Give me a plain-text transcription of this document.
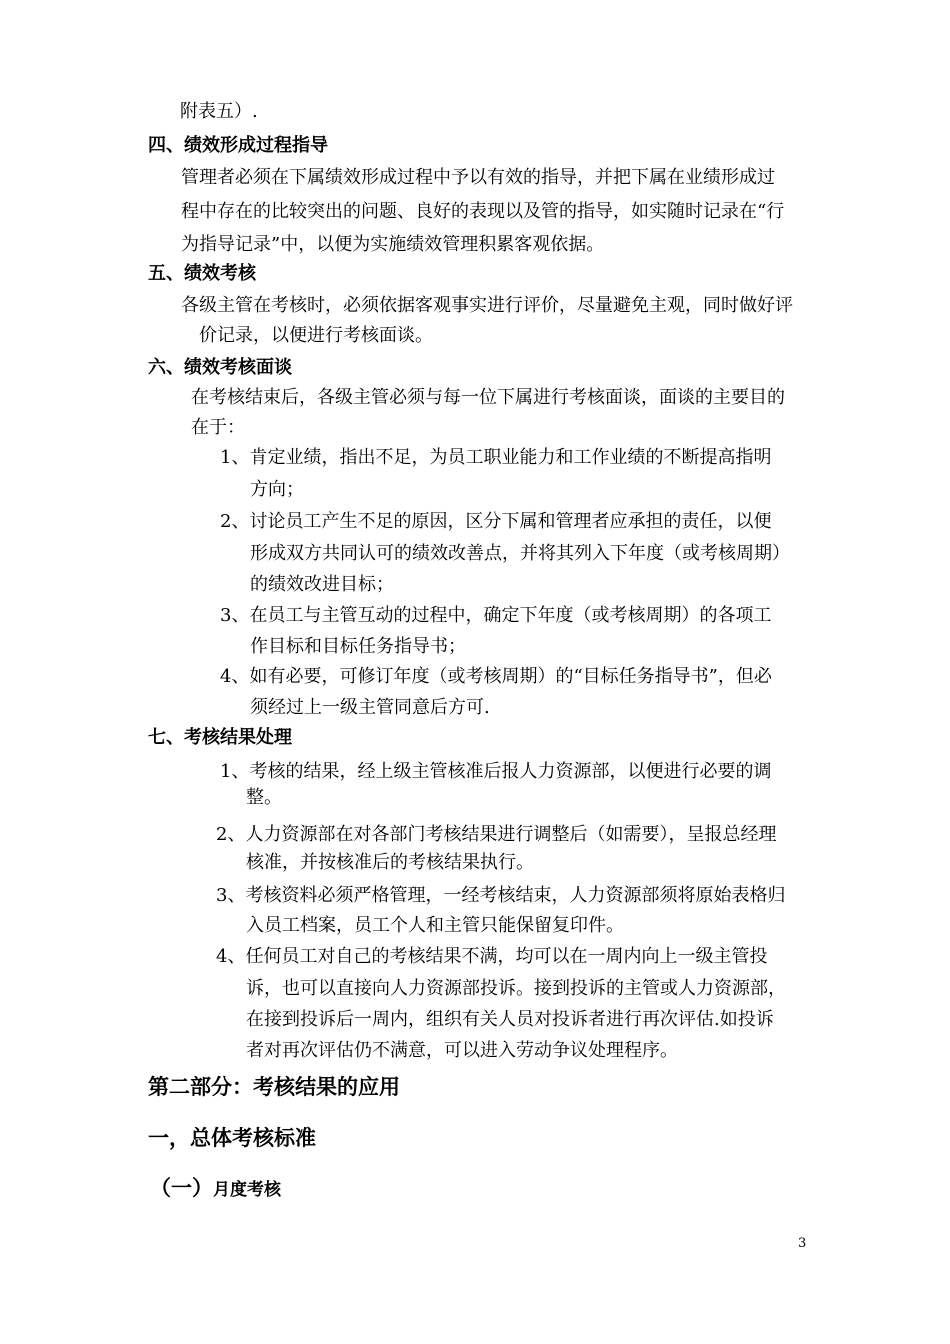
附表五）.
四、绩效形成过程指导
管理者必须在下属绩效形成过程中予以有效的指导，并把下属在业绩形成过
程中存在的比较突出的问题、良好的表现以及管的指导，如实随时记录在“行
为指导记录”中，以便为实施绩效管理积累客观依据。
五、绩效考核
各级主管在考核时，必须依据客观事实进行评价，尽量避免主观，同时做好评
价记录，以便进行考核面谈。
六、绩效考核面谈
在考核结束后，各级主管必须与每一位下属进行考核面谈，面谈的主要目的
在于：
1、肯定业绩，指出不足，为员工职业能力和工作业绩的不断提高指明
方向；
2、讨论员工产生不足的原因，区分下属和管理者应承担的责任，以便
形成双方共同认可的绩效改善点，并将其列入下年度（或考核周期）
的绩效改进目标；
3、在员工与主管互动的过程中，确定下年度（或考核周期）的各项工
作目标和目标任务指导书；
4、如有必要，可修订年度（或考核周期）的“目标任务指导书”，但必
须经过上一级主管同意后方可.
七、考核结果处理
1、考核的结果，经上级主管核准后报人力资源部，以便进行必要的调
整。
2、人力资源部在对各部门考核结果进行调整后（如需要），呈报总经理
核准，并按核准后的考核结果执行。
3、考核资料必须严格管理，一经考核结束，人力资源部须将原始表格归
入员工档案，员工个人和主管只能保留复印件。
4、任何员工对自己的考核结果不满，均可以在一周内向上一级主管投
诉，也可以直接向人力资源部投诉。接到投诉的主管或人力资源部，
在接到投诉后一周内，组织有关人员对投诉者进行再次评估.如投诉
者对再次评估仍不满意，可以进入劳动争议处理程序。
第二部分：考核结果的应用
一，总体考核标准
（一）月度考核
3
